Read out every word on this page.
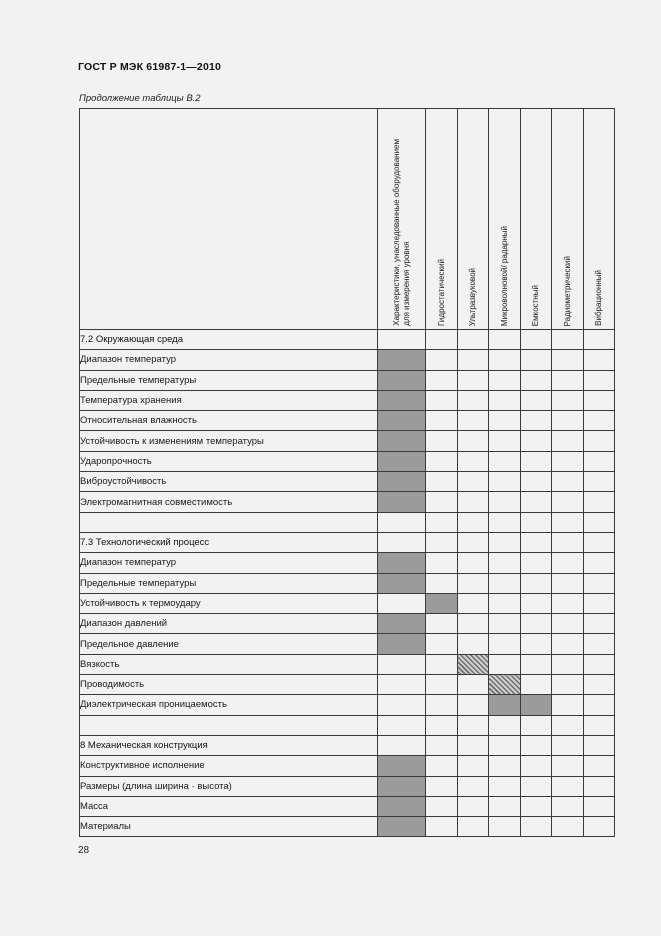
ГОСТ Р МЭК 61987-1—2010
Продолжение таблицы В.2
	Характеристики, унаследованные оборудованием
для измерения уровня	Гидростатический	Ультразвуковой	Микроволновой/ радарный	Емкостный	Радиометрический	Вибрационный
7.2 Окружающая среда							
Диапазон температур							
Предельные температуры							
Температура хранения							
Относительная влажность							
Устойчивость к изменениям температуры							
Ударопрочность							
Виброустойчивость							
Электромагнитная совместимость							

7.3 Технологический процесс							
Диапазон температур							
Предельные температуры							
Устойчивость к термоудару							
Диапазон давлений							
Предельное давление							
Вязкость							
Проводимость							
Диэлектрическая проницаемость							

8 Механическая конструкция							
Конструктивное исполнение							
Размеры (длина ширина · высота)							
Масса							
Материалы							
28
